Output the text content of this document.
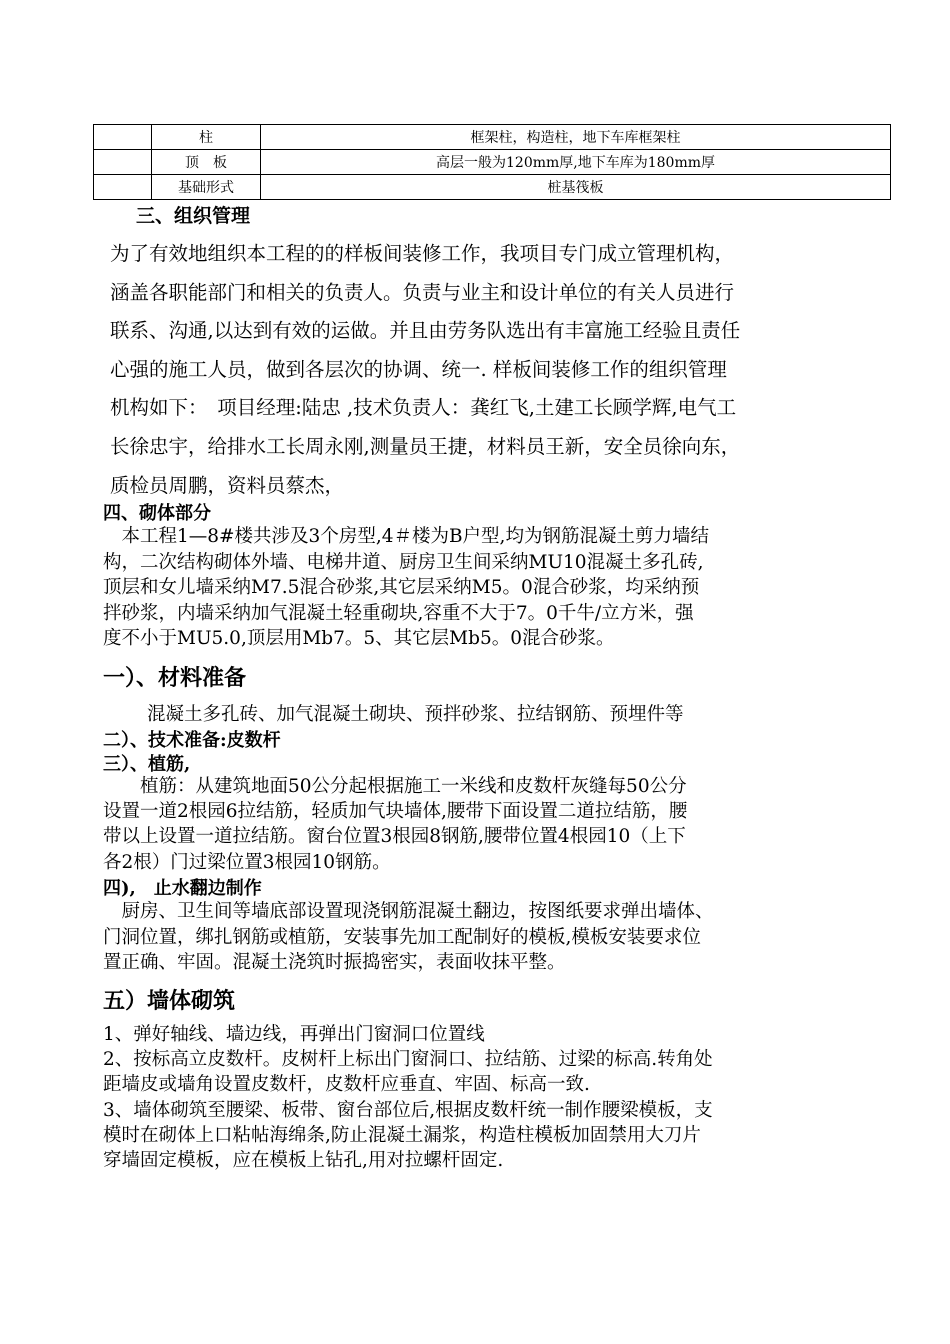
	柱	框架柱，构造柱，地下车库框架柱
	顶　板	高层一般为120mm厚,地下车库为180mm厚
	基础形式	桩基筏板
三、组织管理
为了有效地组织本工程的的样板间装修工作，我项目专门成立管理机构，
涵盖各职能部门和相关的负责人。负责与业主和设计单位的有关人员进行
联系、沟通,以达到有效的运做。并且由劳务队选出有丰富施工经验且责任
心强的施工人员，做到各层次的协调、统一. 样板间装修工作的组织管理
机构如下：　项目经理:陆忠 ,技术负责人：龚红飞,土建工长顾学辉,电气工
长徐忠宇，给排水工长周永刚,测量员王捷，材料员王新，安全员徐向东，
质检员周鹏，资料员蔡杰，
四、砌体部分
　本工程1—8#楼共涉及3个房型,4＃楼为B户型,均为钢筋混凝土剪力墙结
构，二次结构砌体外墙、电梯井道、厨房卫生间采纳MU10混凝土多孔砖,
顶层和女儿墙采纳M7.5混合砂浆,其它层采纳M5。0混合砂浆，均采纳预
拌砂浆，内墙采纳加气混凝土轻重砌块,容重不大于7。0千牛/立方米，强
度不小于MU5.0,顶层用Mb7。5、其它层Mb5。0混合砂浆。
一）、材料准备
混凝土多孔砖、加气混凝土砌块、预拌砂浆、拉结钢筋、预埋件等
二）、技术准备:皮数杆
三）、植筋,
　　植筋：从建筑地面50公分起根据施工一米线和皮数杆灰缝每50公分
设置一道2根园6拉结筋，轻质加气块墙体,腰带下面设置二道拉结筋，腰
带以上设置一道拉结筋。窗台位置3根园8钢筋,腰带位置4根园10（上下
各2根）门过梁位置3根园10钢筋。
四),　止水翻边制作
　厨房、卫生间等墙底部设置现浇钢筋混凝土翻边，按图纸要求弹出墙体、
门洞位置，绑扎钢筋或植筋，安装事先加工配制好的模板,模板安装要求位
置正确、牢固。混凝土浇筑时振捣密实，表面收抹平整。
五）墙体砌筑
1、弹好轴线、墙边线，再弹出门窗洞口位置线
2、按标高立皮数杆。皮树杆上标出门窗洞口、拉结筋、过梁的标高.转角处
距墙皮或墙角设置皮数杆，皮数杆应垂直、牢固、标高一致.
3、墙体砌筑至腰梁、板带、窗台部位后,根据皮数杆统一制作腰梁模板，支
模时在砌体上口粘帖海绵条,防止混凝土漏浆，构造柱模板加固禁用大刀片
穿墙固定模板，应在模板上钻孔,用对拉螺杆固定.
